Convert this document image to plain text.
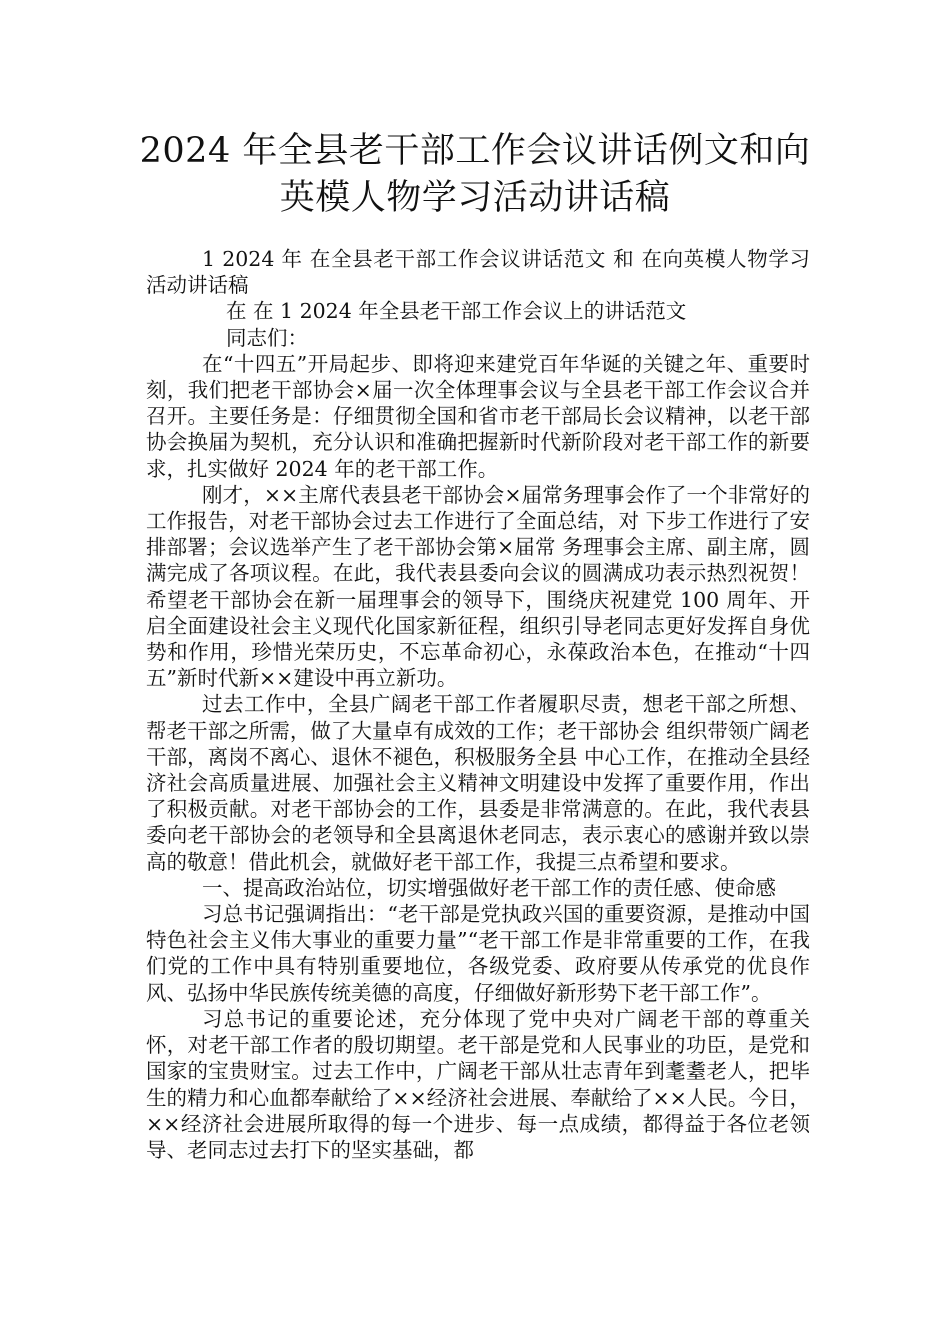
2024 年全县老干部工作会议讲话例文和向
英模人物学习活动讲话稿

1 2024 年 在全县老干部工作会议讲话范文 和 在向英模人物学习活动讲话稿

在 在 1 2024 年全县老干部工作会议上的讲话范文

同志们：

在“十四五”开局起步、即将迎来建党百年华诞的关键之年、重要时刻，我们把老干部协会×届一次全体理事会议与全县老干部工作会议合并召开。主要任务是：仔细贯彻全国和省市老干部局长会议精神，以老干部协会换届为契机，充分认识和准确把握新时代新阶段对老干部工作的新要求，扎实做好 2024 年的老干部工作。

刚才，××主席代表县老干部协会×届常务理事会作了一个非常好的工作报告，对老干部协会过去工作进行了全面总结，对 下步工作进行了安排部署；会议选举产生了老干部协会第×届常 务理事会主席、副主席，圆满完成了各项议程。在此，我代表县委向会议的圆满成功表示热烈祝贺！希望老干部协会在新一届理事会的领导下，围绕庆祝建党 100 周年、开启全面建设社会主义现代化国家新征程，组织引导老同志更好发挥自身优势和作用，珍惜光荣历史，不忘革命初心，永葆政治本色，在推动“十四五”新时代新××建设中再立新功。

过去工作中，全县广阔老干部工作者履职尽责，想老干部之所想、帮老干部之所需，做了大量卓有成效的工作；老干部协会 组织带领广阔老干部，离岗不离心、退休不褪色，积极服务全县 中心工作，在推动全县经济社会高质量进展、加强社会主义精神文明建设中发挥了重要作用，作出了积极贡献。对老干部协会的工作，县委是非常满意的。在此，我代表县委向老干部协会的老领导和全县离退休老同志，表示衷心的感谢并致以崇高的敬意！借此机会，就做好老干部工作，我提三点希望和要求。

一、提高政治站位，切实增强做好老干部工作的责任感、使命感

习总书记强调指出：“老干部是党执政兴国的重要资源，是推动中国特色社会主义伟大事业的重要力量”“老干部工作是非常重要的工作，在我们党的工作中具有特别重要地位，各级党委、政府要从传承党的优良作风、弘扬中华民族传统美德的高度，仔细做好新形势下老干部工作”。

习总书记的重要论述，充分体现了党中央对广阔老干部的尊重关怀，对老干部工作者的殷切期望。老干部是党和人民事业的功臣，是党和国家的宝贵财宝。过去工作中，广阔老干部从壮志青年到耄耋老人，把毕生的精力和心血都奉献给了××经济社会进展、奉献给了××人民。今日，××经济社会进展所取得的每一个进步、每一点成绩，都得益于各位老领导、老同志过去打下的坚实基础，都
